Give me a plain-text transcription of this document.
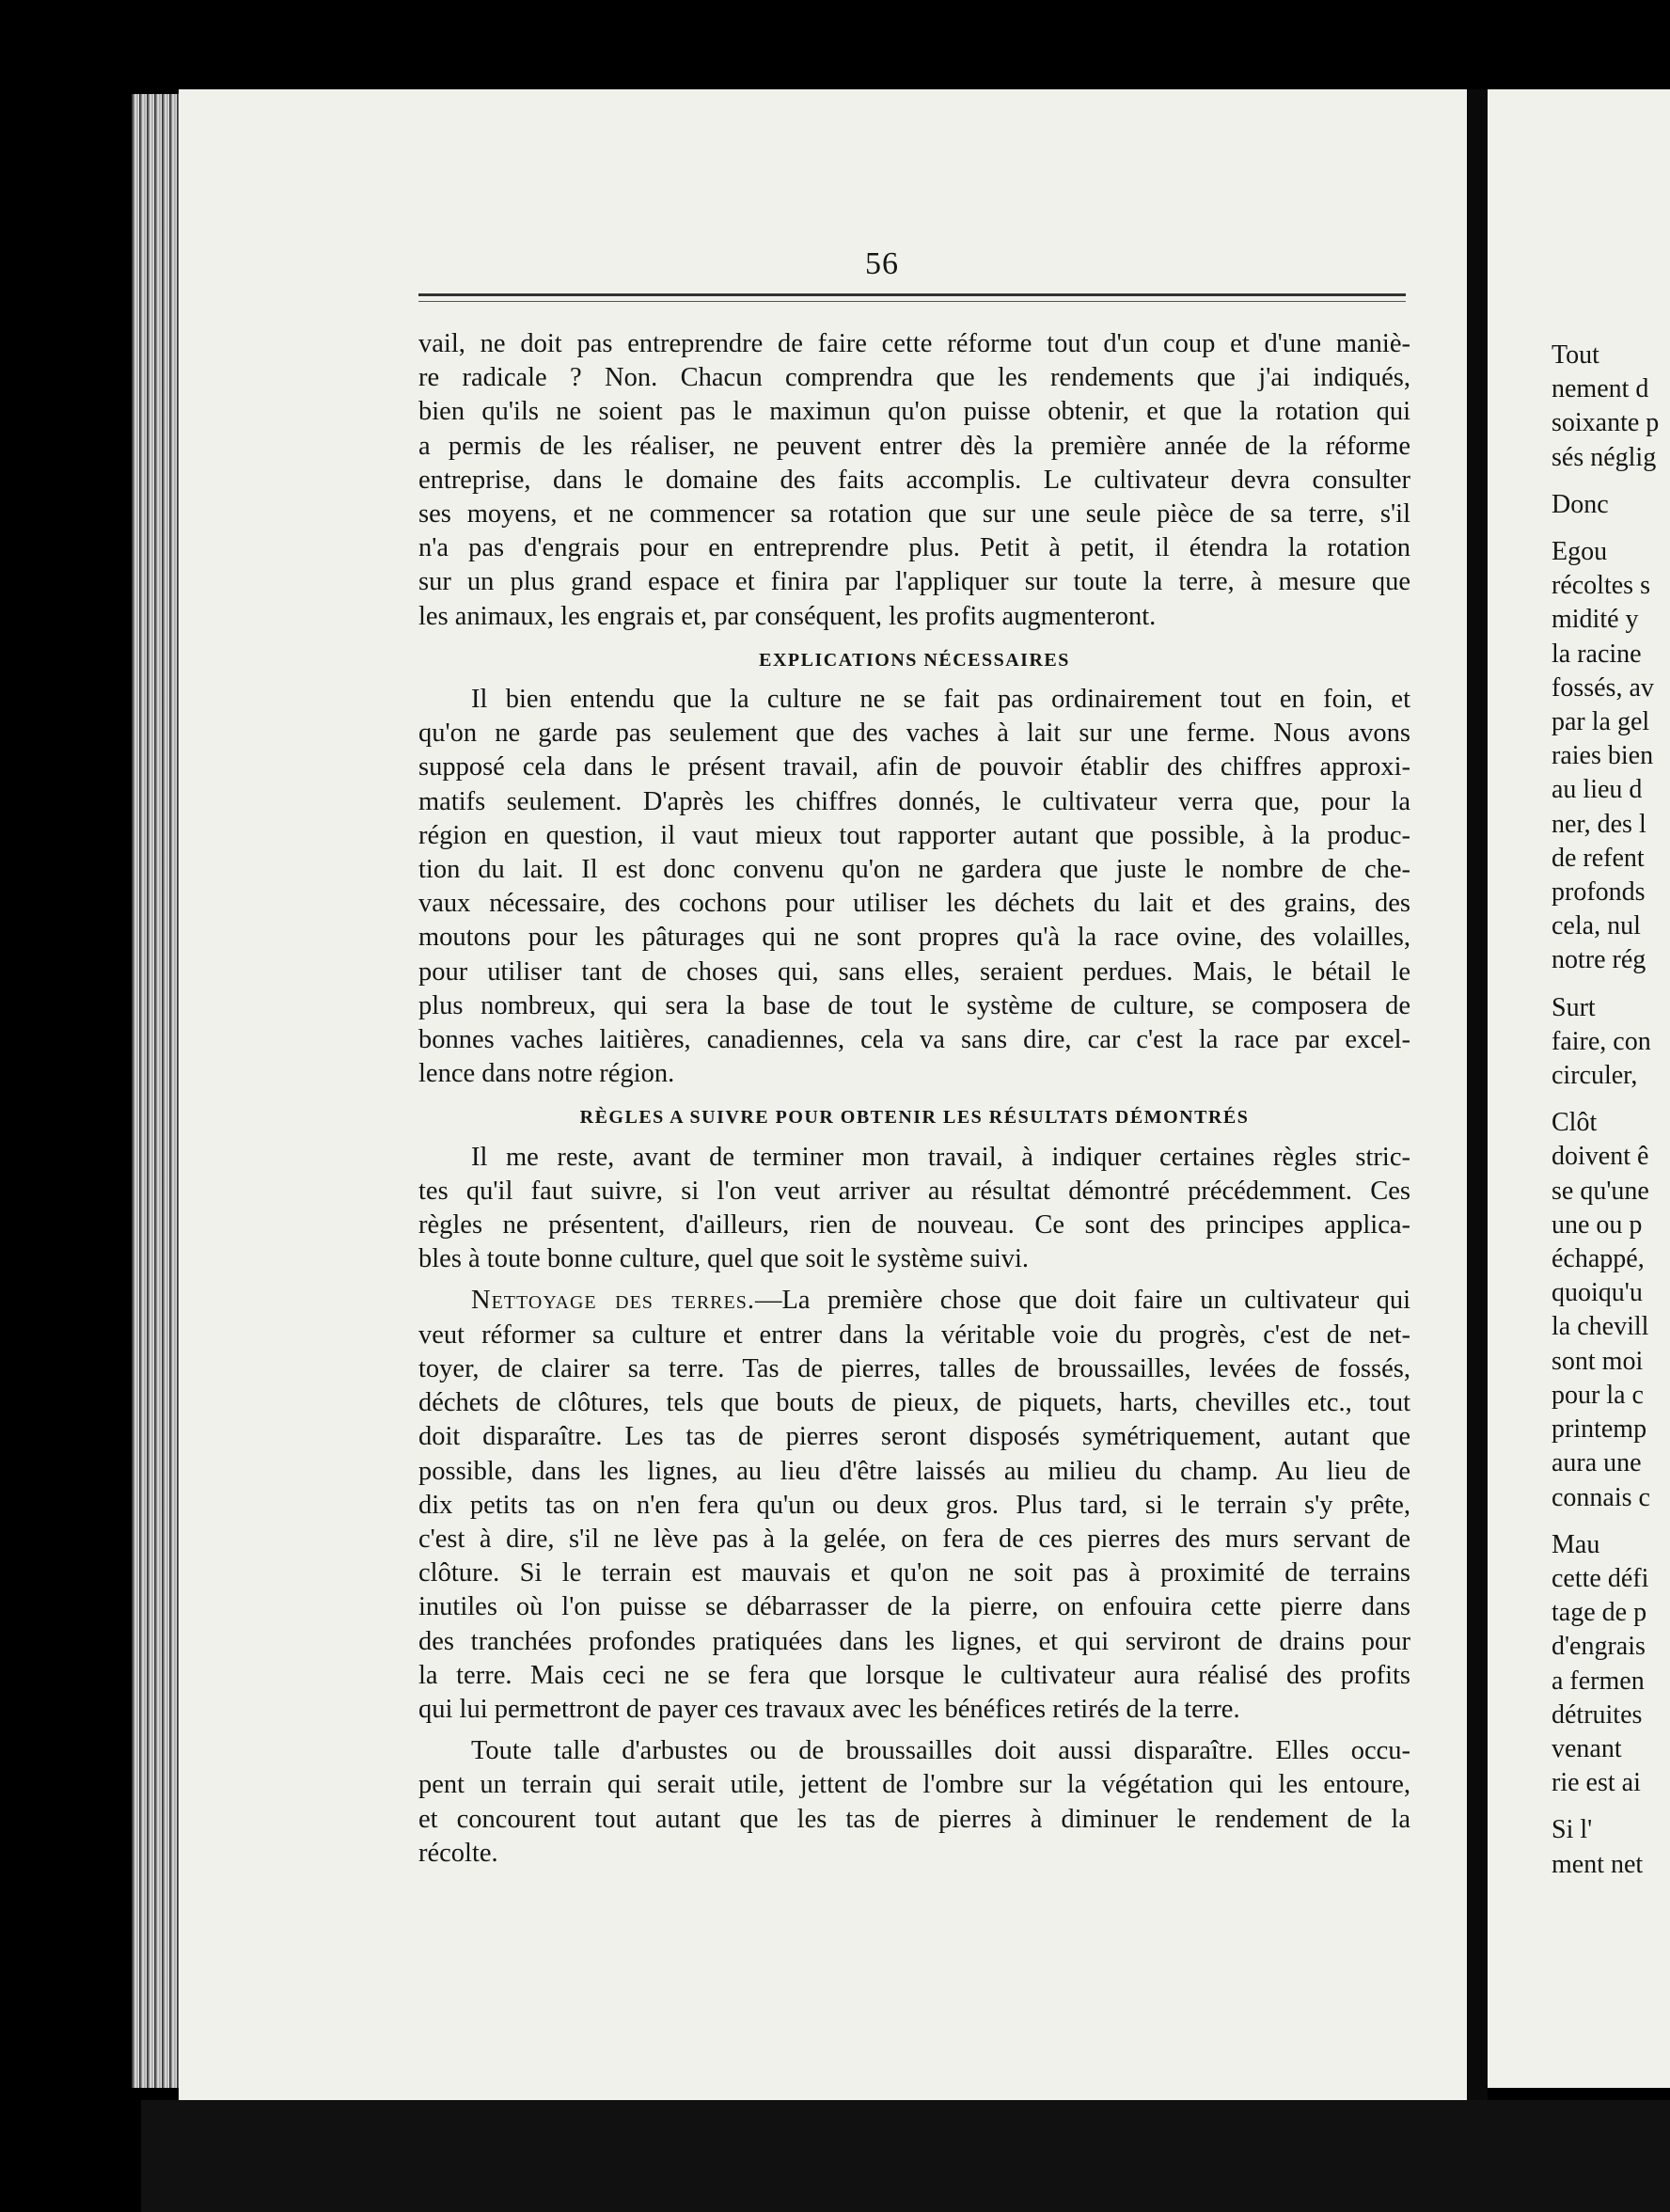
56
vail, ne doit pas entreprendre de faire cette réforme tout d'un coup et d'une maniè-
re radicale ? Non. Chacun comprendra que les rendements que j'ai indiqués,
bien qu'ils ne soient pas le maximun qu'on puisse obtenir, et que la rotation qui
a permis de les réaliser, ne peuvent entrer dès la première année de la réforme
entreprise, dans le domaine des faits accomplis. Le cultivateur devra consulter
ses moyens, et ne commencer sa rotation que sur une seule pièce de sa terre, s'il
n'a pas d'engrais pour en entreprendre plus. Petit à petit, il étendra la rotation
sur un plus grand espace et finira par l'appliquer sur toute la terre, à mesure que
les animaux, les engrais et, par conséquent, les profits augmenteront.
EXPLICATIONS NÉCESSAIRES
Il bien entendu que la culture ne se fait pas ordinairement tout en foin, et
qu'on ne garde pas seulement que des vaches à lait sur une ferme. Nous avons
supposé cela dans le présent travail, afin de pouvoir établir des chiffres approxi-
matifs seulement. D'après les chiffres donnés, le cultivateur verra que, pour la
région en question, il vaut mieux tout rapporter autant que possible, à la produc-
tion du lait. Il est donc convenu qu'on ne gardera que juste le nombre de che-
vaux nécessaire, des cochons pour utiliser les déchets du lait et des grains, des
moutons pour les pâturages qui ne sont propres qu'à la race ovine, des volailles,
pour utiliser tant de choses qui, sans elles, seraient perdues. Mais, le bétail le
plus nombreux, qui sera la base de tout le système de culture, se composera de
bonnes vaches laitières, canadiennes, cela va sans dire, car c'est la race par excel-
lence dans notre région.
RÈGLES A SUIVRE POUR OBTENIR LES RÉSULTATS DÉMONTRÉS
Il me reste, avant de terminer mon travail, à indiquer certaines règles stric-
tes qu'il faut suivre, si l'on veut arriver au résultat démontré précédemment. Ces
règles ne présentent, d'ailleurs, rien de nouveau. Ce sont des principes applica-
bles à toute bonne culture, quel que soit le système suivi.
Nettoyage des terres.—La première chose que doit faire un cultivateur qui
veut réformer sa culture et entrer dans la véritable voie du progrès, c'est de net-
toyer, de clairer sa terre. Tas de pierres, talles de broussailles, levées de fossés,
déchets de clôtures, tels que bouts de pieux, de piquets, harts, chevilles etc., tout
doit disparaître. Les tas de pierres seront disposés symétriquement, autant que
possible, dans les lignes, au lieu d'être laissés au milieu du champ. Au lieu de
dix petits tas on n'en fera qu'un ou deux gros. Plus tard, si le terrain s'y prête,
c'est à dire, s'il ne lève pas à la gelée, on fera de ces pierres des murs servant de
clôture. Si le terrain est mauvais et qu'on ne soit pas à proximité de terrains
inutiles où l'on puisse se débarrasser de la pierre, on enfouira cette pierre dans
des tranchées profondes pratiquées dans les lignes, et qui serviront de drains pour
la terre. Mais ceci ne se fera que lorsque le cultivateur aura réalisé des profits
qui lui permettront de payer ces travaux avec les bénéfices retirés de la terre.
Toute talle d'arbustes ou de broussailles doit aussi disparaître. Elles occu-
pent un terrain qui serait utile, jettent de l'ombre sur la végétation qui les entoure,
et concourent tout autant que les tas de pierres à diminuer le rendement de la
récolte.
Tout
nement d
soixante p
sés néglig
Donc
Egou
récoltes s
midité y
la racine
fossés, av
par la gel
raies bien
au lieu d
ner, des l
de refent
profonds
cela, nul
notre rég
Surt
faire, con
circuler,
Clôt
doivent ê
se qu'une
une ou p
échappé,
quoiqu'u
la chevill
sont moi
pour la c
printemp
aura une
connais c
Mau
cette défi
tage de p
d'engrais
a fermen
détruites
venant
rie est ai
Si l'
ment net
